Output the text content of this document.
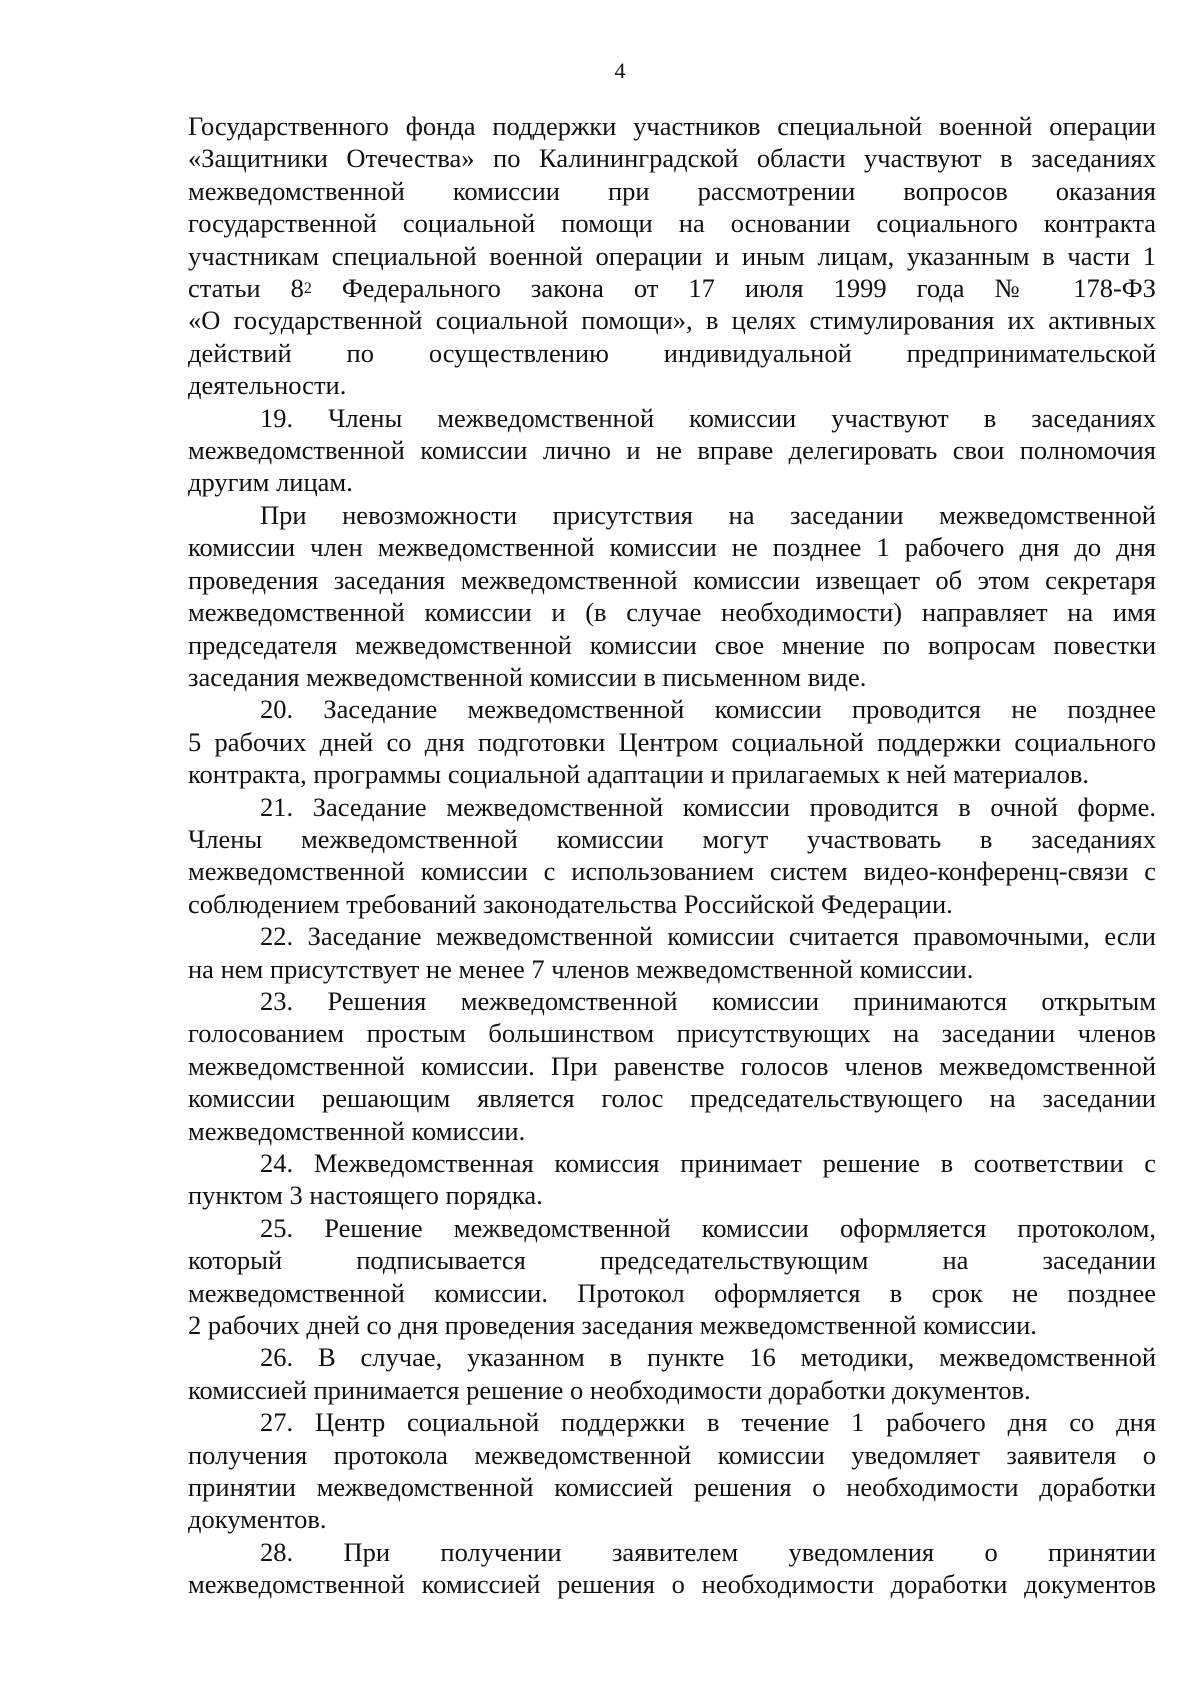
4
Государственного фонда поддержки участников специальной военной операции
«Защитники Отечества» по Калининградской области участвуют в заседаниях
межведомственной комиссии при рассмотрении вопросов оказания
государственной социальной помощи на основании социального контракта
участникам специальной военной операции и иным лицам, указанным в части 1
статьи $8^2$ Федерального закона от 17 июля 1999 года № 178-ФЗ
«О государственной социальной помощи», в целях стимулирования их активных
действий по осуществлению индивидуальной предпринимательской
деятельности.
19. Члены межведомственной комиссии участвуют в заседаниях
межведомственной комиссии лично и не вправе делегировать свои полномочия
другим лицам.
При невозможности присутствия на заседании межведомственной
комиссии член межведомственной комиссии не позднее 1 рабочего дня до дня
проведения заседания межведомственной комиссии извещает об этом секретаря
межведомственной комиссии и (в случае необходимости) направляет на имя
председателя межведомственной комиссии свое мнение по вопросам повестки
заседания межведомственной комиссии в письменном виде.
20. Заседание межведомственной комиссии проводится не позднее
5 рабочих дней со дня подготовки Центром социальной поддержки социального
контракта, программы социальной адаптации и прилагаемых к ней материалов.
21. Заседание межведомственной комиссии проводится в очной форме.
Члены межведомственной комиссии могут участвовать в заседаниях
межведомственной комиссии с использованием систем видео-конференц-связи с
соблюдением требований законодательства Российской Федерации.
22. Заседание межведомственной комиссии считается правомочными, если
на нем присутствует не менее 7 членов межведомственной комиссии.
23. Решения межведомственной комиссии принимаются открытым
голосованием простым большинством присутствующих на заседании членов
межведомственной комиссии. При равенстве голосов членов межведомственной
комиссии решающим является голос председательствующего на заседании
межведомственной комиссии.
24. Межведомственная комиссия принимает решение в соответствии с
пунктом 3 настоящего порядка.
25. Решение межведомственной комиссии оформляется протоколом,
который подписывается председательствующим на заседании
межведомственной комиссии. Протокол оформляется в срок не позднее
2 рабочих дней со дня проведения заседания межведомственной комиссии.
26. В случае, указанном в пункте 16 методики, межведомственной
комиссией принимается решение о необходимости доработки документов.
27. Центр социальной поддержки в течение 1 рабочего дня со дня
получения протокола межведомственной комиссии уведомляет заявителя о
принятии межведомственной комиссией решения о необходимости доработки
документов.
28. При получении заявителем уведомления о принятии
межведомственной комиссией решения о необходимости доработки документов
